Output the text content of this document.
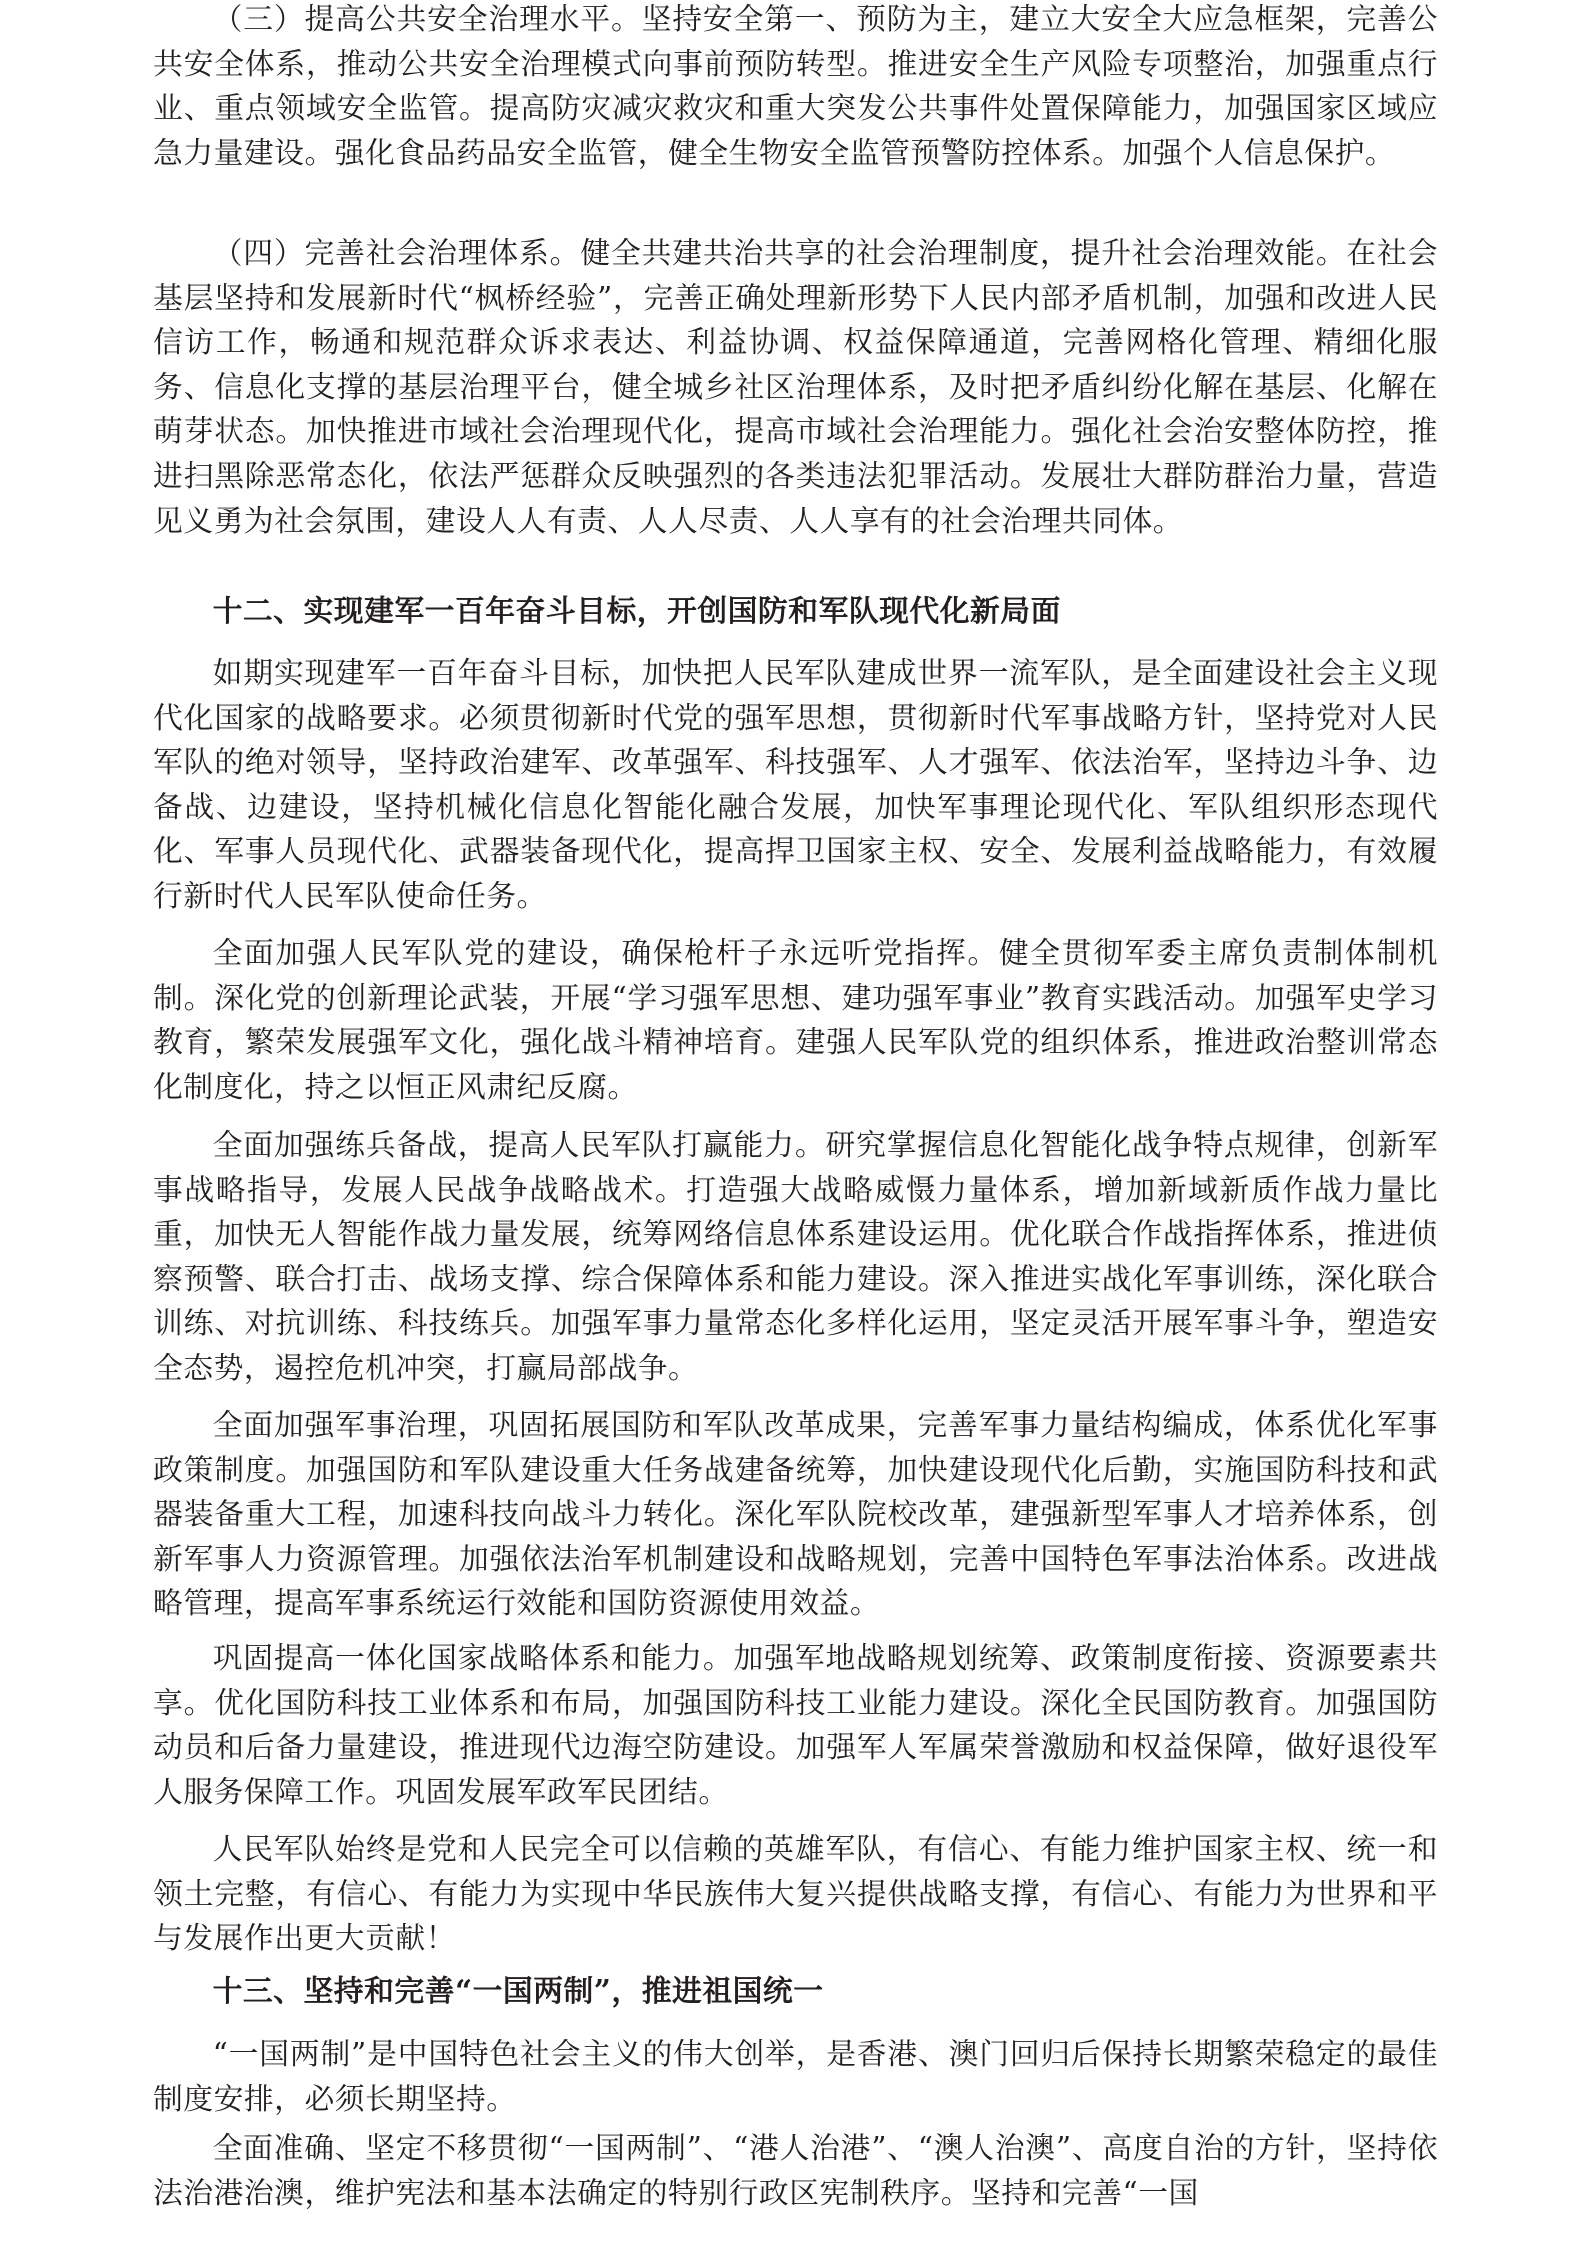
（三）提高公共安全治理水平。坚持安全第一、预防为主，建立大安全大应急框架，完善公共安全体系，推动公共安全治理模式向事前预防转型。推进安全生产风险专项整治，加强重点行业、重点领域安全监管。提高防灾减灾救灾和重大突发公共事件处置保障能力，加强国家区域应急力量建设。强化食品药品安全监管，健全生物安全监管预警防控体系。加强个人信息保护。

（四）完善社会治理体系。健全共建共治共享的社会治理制度，提升社会治理效能。在社会基层坚持和发展新时代“枫桥经验”，完善正确处理新形势下人民内部矛盾机制，加强和改进人民信访工作，畅通和规范群众诉求表达、利益协调、权益保障通道，完善网格化管理、精细化服务、信息化支撑的基层治理平台，健全城乡社区治理体系，及时把矛盾纠纷化解在基层、化解在萌芽状态。加快推进市域社会治理现代化，提高市域社会治理能力。强化社会治安整体防控，推进扫黑除恶常态化，依法严惩群众反映强烈的各类违法犯罪活动。发展壮大群防群治力量，营造见义勇为社会氛围，建设人人有责、人人尽责、人人享有的社会治理共同体。

十二、实现建军一百年奋斗目标，开创国防和军队现代化新局面

如期实现建军一百年奋斗目标，加快把人民军队建成世界一流军队，是全面建设社会主义现代化国家的战略要求。必须贯彻新时代党的强军思想，贯彻新时代军事战略方针，坚持党对人民军队的绝对领导，坚持政治建军、改革强军、科技强军、人才强军、依法治军，坚持边斗争、边备战、边建设，坚持机械化信息化智能化融合发展，加快军事理论现代化、军队组织形态现代化、军事人员现代化、武器装备现代化，提高捍卫国家主权、安全、发展利益战略能力，有效履行新时代人民军队使命任务。

全面加强人民军队党的建设，确保枪杆子永远听党指挥。健全贯彻军委主席负责制体制机制。深化党的创新理论武装，开展“学习强军思想、建功强军事业”教育实践活动。加强军史学习教育，繁荣发展强军文化，强化战斗精神培育。建强人民军队党的组织体系，推进政治整训常态化制度化，持之以恒正风肃纪反腐。

全面加强练兵备战，提高人民军队打赢能力。研究掌握信息化智能化战争特点规律，创新军事战略指导，发展人民战争战略战术。打造强大战略威慑力量体系，增加新域新质作战力量比重，加快无人智能作战力量发展，统筹网络信息体系建设运用。优化联合作战指挥体系，推进侦察预警、联合打击、战场支撑、综合保障体系和能力建设。深入推进实战化军事训练，深化联合训练、对抗训练、科技练兵。加强军事力量常态化多样化运用，坚定灵活开展军事斗争，塑造安全态势，遏控危机冲突，打赢局部战争。

全面加强军事治理，巩固拓展国防和军队改革成果，完善军事力量结构编成，体系优化军事政策制度。加强国防和军队建设重大任务战建备统筹，加快建设现代化后勤，实施国防科技和武器装备重大工程，加速科技向战斗力转化。深化军队院校改革，建强新型军事人才培养体系，创新军事人力资源管理。加强依法治军机制建设和战略规划，完善中国特色军事法治体系。改进战略管理，提高军事系统运行效能和国防资源使用效益。

巩固提高一体化国家战略体系和能力。加强军地战略规划统筹、政策制度衔接、资源要素共享。优化国防科技工业体系和布局，加强国防科技工业能力建设。深化全民国防教育。加强国防动员和后备力量建设，推进现代边海空防建设。加强军人军属荣誉激励和权益保障，做好退役军人服务保障工作。巩固发展军政军民团结。

人民军队始终是党和人民完全可以信赖的英雄军队，有信心、有能力维护国家主权、统一和领土完整，有信心、有能力为实现中华民族伟大复兴提供战略支撑，有信心、有能力为世界和平与发展作出更大贡献！

十三、坚持和完善“一国两制”，推进祖国统一

“一国两制”是中国特色社会主义的伟大创举，是香港、澳门回归后保持长期繁荣稳定的最佳制度安排，必须长期坚持。

全面准确、坚定不移贯彻“一国两制”、“港人治港”、“澳人治澳”、高度自治的方针，坚持依法治港治澳，维护宪法和基本法确定的特别行政区宪制秩序。坚持和完善“一国
